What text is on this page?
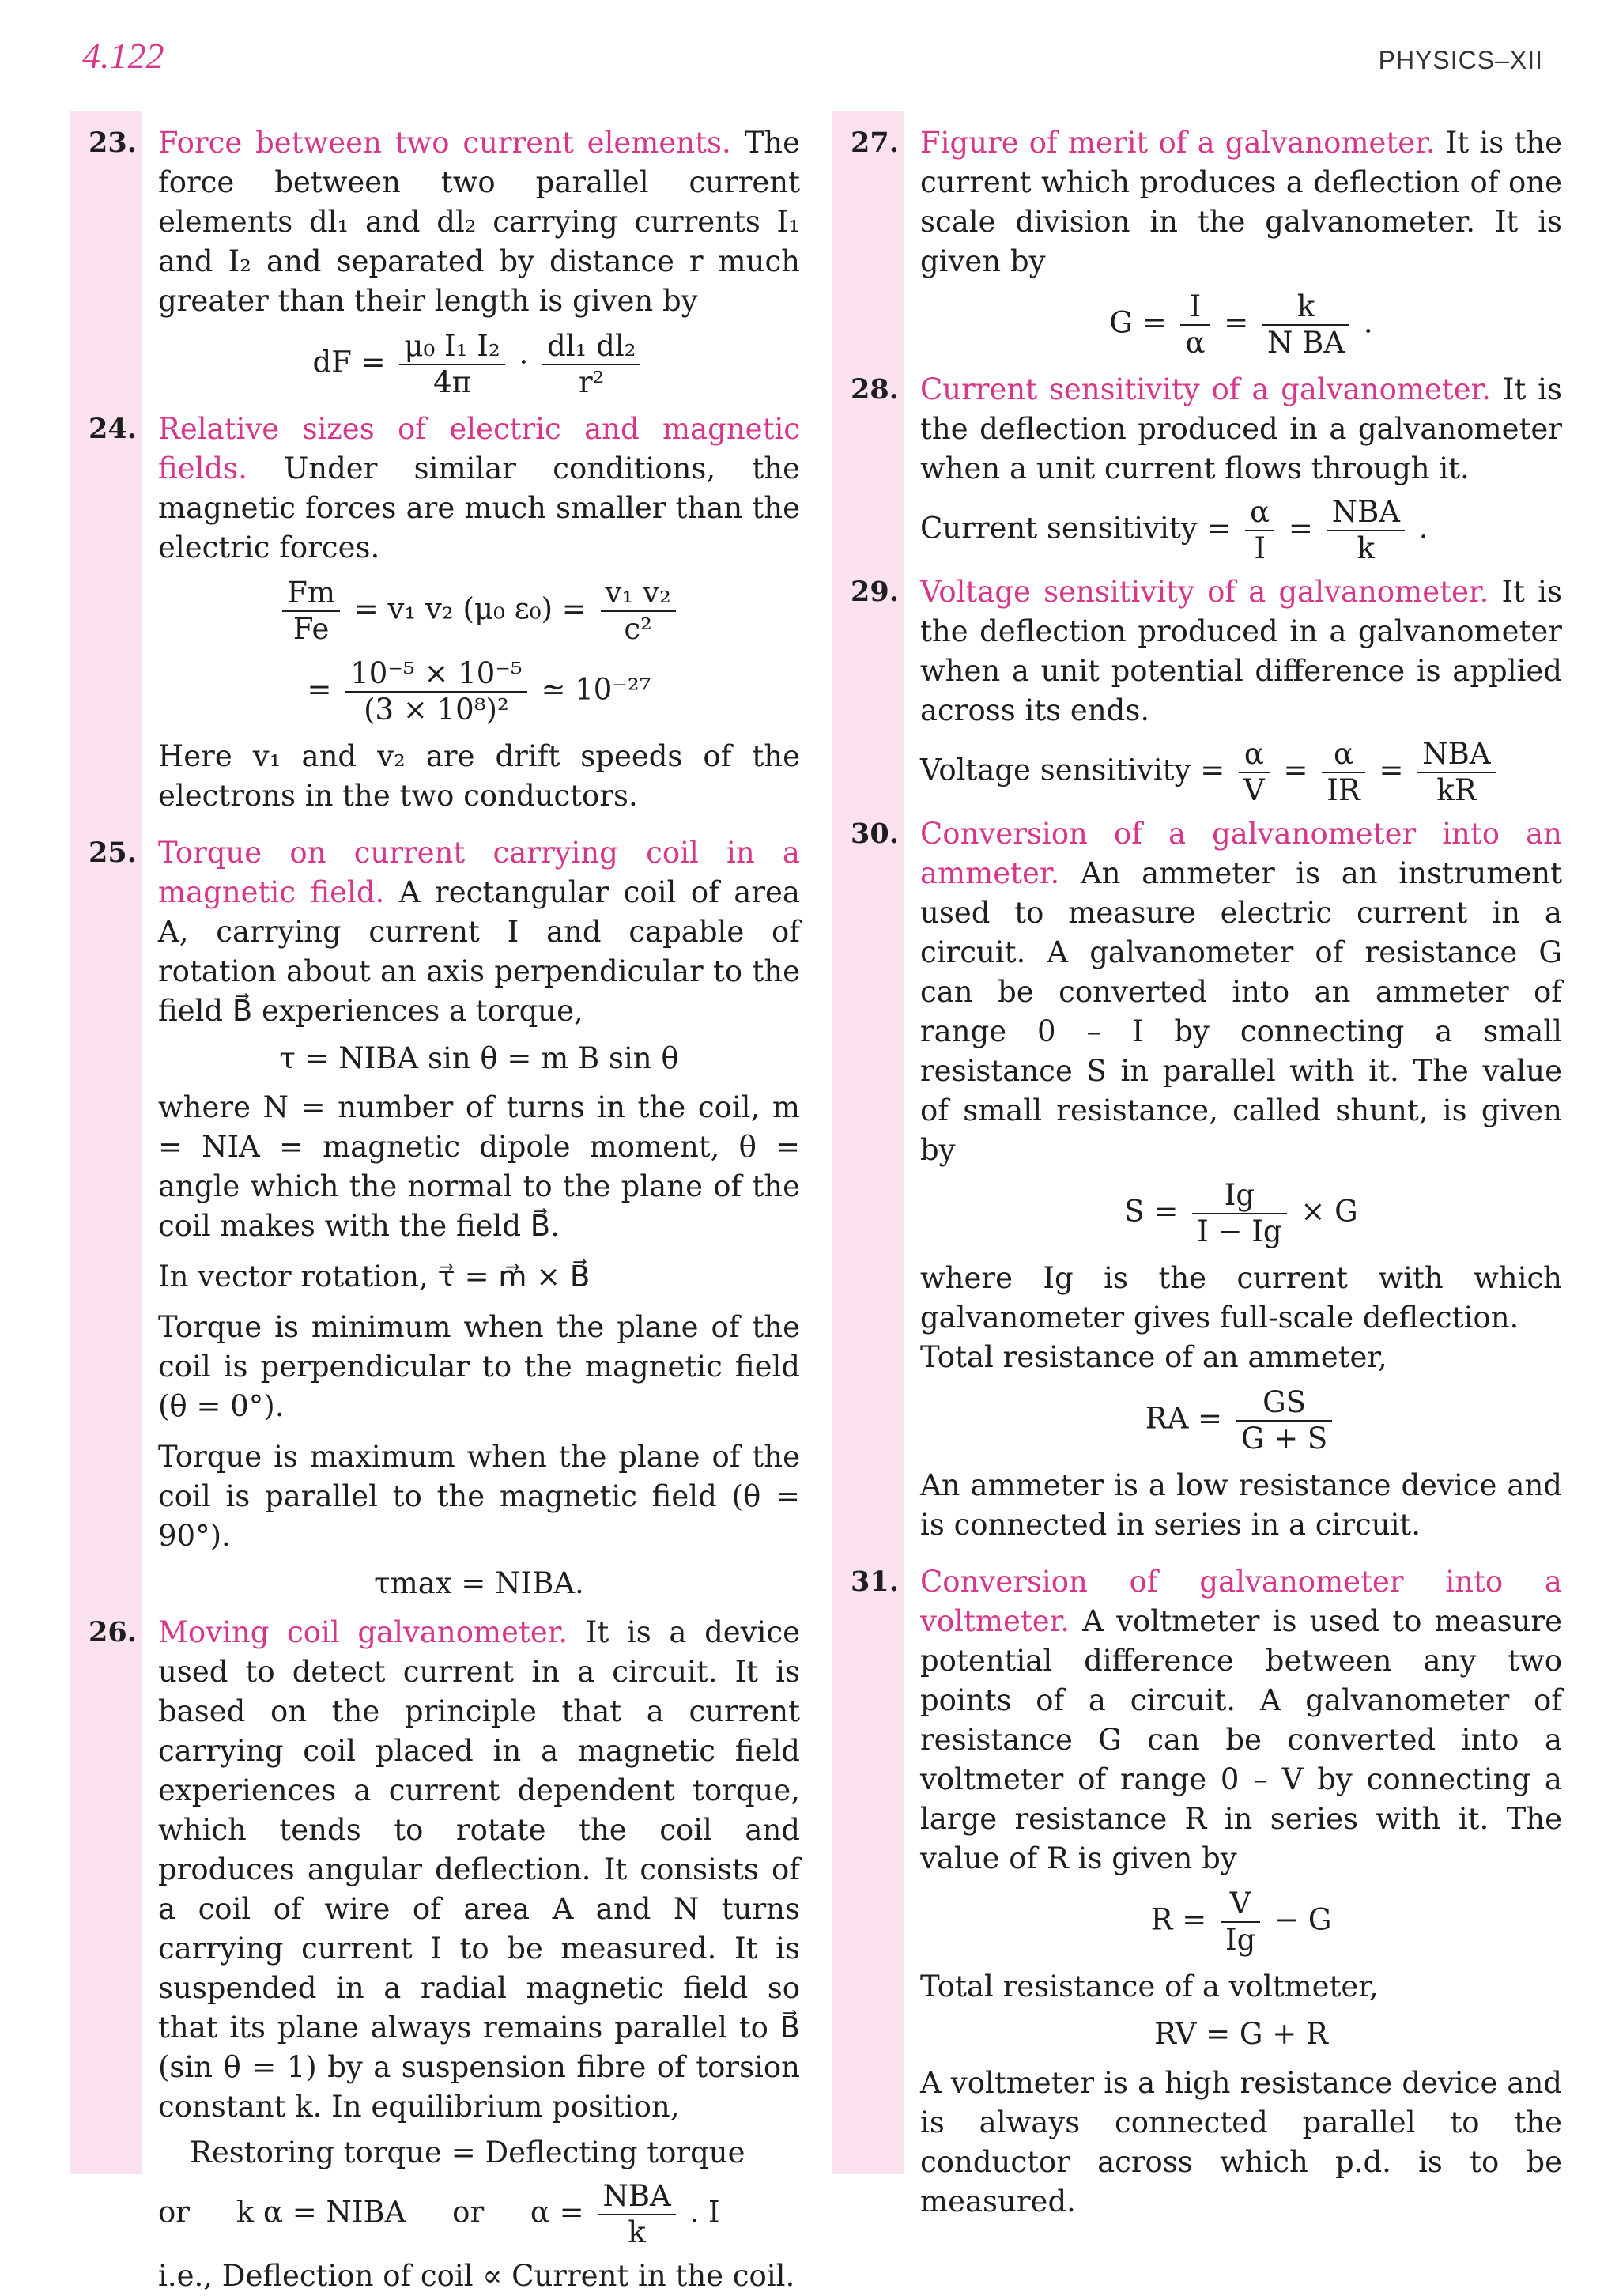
4.122	PHYSICS–XII
23. Force between two current elements. The force between two parallel current elements dl₁ and dl₂ carrying currents I₁ and I₂ and separated by distance r much greater than their length is given by

dF = $\frac{\text{μ₀ I₁ I₂}}{4\pi} \cdot \frac{\text{dl₁ dl₂}}{\text{r²}}$
24. Relative sizes of electric and magnetic fields. Under similar conditions, the magnetic forces are much smaller than the electric forces.

$\frac{Fm}{Fe} = v_1$ v₂ (μ₀ $\varepsilon_0) = \frac{\text{v₁ v₂}}{\text{c²}}$
= $\frac{\text{10⁻⁵ × 10⁻⁵}}{\text{(3 × 10⁸)²}}$ ≃ 10⁻²⁷

Here v₁ and v₂ are drift speeds of the electrons in the two conductors.

25. Torque on current carrying coil in a magnetic field. A rectangular coil of area A, carrying current I and capable of rotation about an axis perpendicular to the field B⃗ experiences a torque,

τ = NIBA sin θ = m B sin θ

where N = number of turns in the coil, m = NIA = magnetic dipole moment, θ = angle which the normal to the plane of the coil makes with the field B⃗.

In vector rotation, τ⃗ = m⃗ × B⃗

Torque is minimum when the plane of the coil is perpendicular to the magnetic field (θ = 0°).

Torque is maximum when the plane of the coil is parallel to the magnetic field (θ = 90°).

τmax = NIBA.
26. Moving coil galvanometer. It is a device used to detect current in a circuit. It is based on the principle that a current carrying coil placed in a magnetic field experiences a current dependent torque, which tends to rotate the coil and produces angular deflection. It consists of a coil of wire of area A and N turns carrying current I to be measured. It is suspended in a radial magnetic field so that its plane always remains parallel to B⃗ (sin θ = 1) by a suspension fibre of torsion constant k. In equilibrium position,

Restoring torque = Deflecting torque
or     k α = NIBA     or     $\alpha = \frac{\text{NBA}}{k}$ . I

i.e., Deflection of coil ∝ Current in the coil.

27. Figure of merit of a galvanometer. It is the current which produces a deflection of one scale division in the galvanometer. It is given by

$G = \frac{I}{\alpha} = \frac{k}{\text{N BA}}$ .
28. Current sensitivity of a galvanometer. It is the deflection produced in a galvanometer when a unit current flows through it.

Current sensitivity = $\frac{\alpha}{I} = \frac{\text{NBA}}{k}$ .
29. Voltage sensitivity of a galvanometer. It is the deflection produced in a galvanometer when a unit potential difference is applied across its ends.

Voltage sensitivity = $\frac{\alpha}{V} = \frac{\alpha}{IR} = \frac{\text{NBA}}{kR}$
30. Conversion of a galvanometer into an ammeter. An ammeter is an instrument used to measure electric current in a circuit. A galvanometer of resistance G can be converted into an ammeter of range 0 – I by connecting a small resistance S in parallel with it. The value of small resistance, called shunt, is given by

$S = \frac{Ig}{I - Ig} \times G$

where Ig is the current with which galvanometer gives full-scale deflection.

Total resistance of an ammeter,

RA = $\frac{GS}{G + S}$

An ammeter is a low resistance device and is connected in series in a circuit.

31. Conversion of galvanometer into a voltmeter. A voltmeter is used to measure potential difference between any two points of a circuit. A galvanometer of resistance G can be converted into a voltmeter of range 0 – V by connecting a large resistance R in series with it. The value of R is given by

$R = \frac{V}{Ig} - G$

Total resistance of a voltmeter,

RV = G + R

A voltmeter is a high resistance device and is always connected parallel to the conductor across which p.d. is to be measured.
